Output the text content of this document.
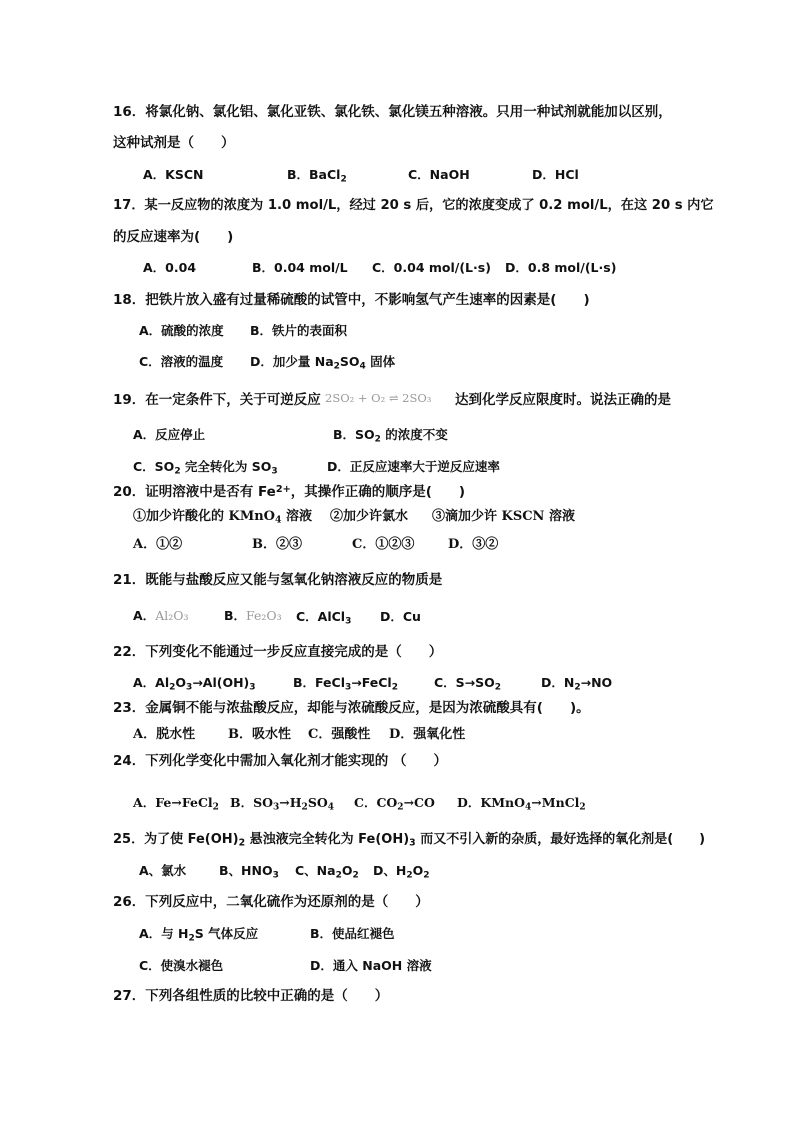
16．将氯化钠、氯化铝、氯化亚铁、氯化铁、氯化镁五种溶液。只用一种试剂就能加以区别，
这种试剂是（　　）
A．KSCN	B．BaCl$_2$	C．NaOH	D．HCl
17．某一反应物的浓度为 1.0 mol/L，经过 20 s 后，它的浓度变成了 0.2 mol/L，在这 20 s 内它
的反应速率为(　　)
A．0.04	B．0.04 mol/L C．0.04 mol/(L·s) D．0.8 mol/(L·s)
18．把铁片放入盛有过量稀硫酸的试管中，不影响氢气产生速率的因素是(　　)
A．硫酸的浓度 B．铁片的表面积
C．溶液的温度 D．加少量 $Na_2SO_4$ 固体
19．在一定条件下，关于可逆反应 2SO₂ + O₂ ⇌ 2SO₃ 达到化学反应限度时。说法正确的是
A．反应停止	B．$SO_2$ 的浓度不变
C．$SO_2$ 完全转化为 $SO_3$	D．正反应速率大于逆反应速率
20．证明溶液中是否有 $Fe^{2+}$，其操作正确的顺序是(　　)
①加少许酸化的 KMnO$_4$ 溶液 ②加少许氯水 ③滴加少许 KSCN 溶液
A．①②	B．②③	C．①②③	D．③②
21．既能与盐酸反应又能与氢氧化钠溶液反应的物质是
A．Al₂O₃	B．Fe₂O₃ C．AlCl$_3$ D．Cu
22．下列变化不能通过一步反应直接完成的是（　　）
A．$Al_2O_3\to Al(OH)_3$	B．FeCl$_3$→FeCl$_2$	C．$S\to SO_2$	D．$N_2\to NO$
23．金属铜不能与浓盐酸反应，却能与浓硫酸反应，是因为浓硫酸具有(　　)。
A．脱水性	B．吸水性 C．强酸性 D．强氧化性
24．下列化学变化中需加入氧化剂才能实现的 （　　）
A．Fe→FeCl$_2$ B．$SO_3\to H_2SO_4$ C．$CO_2\to CO$ D．KMnO$_4$→MnCl$_2$
25．为了使 $Fe(OH)_2$ 悬浊液完全转化为 $Fe(OH)_3$ 而又不引入新的杂质，最好选择的氧化剂是(　　)
A、氯水	B、$HNO_3$ C、$Na_2O_2$ D、$H_2O_2$
26．下列反应中，二氧化硫作为还原剂的是（　　）
A．与 $H_2S$ 气体反应	B．使品红褪色
C．使溴水褪色	D．通入 NaOH 溶液
27．下列各组性质的比较中正确的是（　　）
